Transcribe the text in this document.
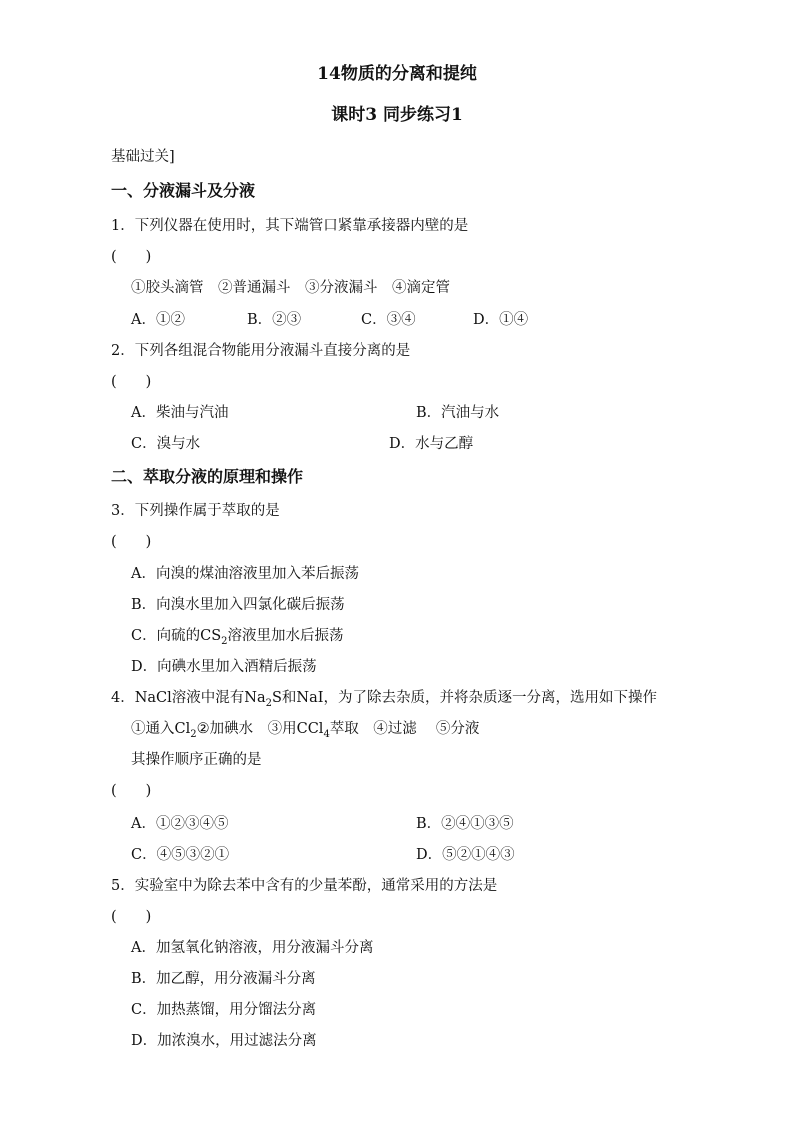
14物质的分离和提纯
课时3 同步练习1
基础过关]
一、分液漏斗及分液
1．下列仪器在使用时，其下端管口紧靠承接器内壁的是
(　　)
①胶头滴管　②普通漏斗　③分液漏斗　④滴定管
A．①②	B．②③	C．③④	D．①④
2．下列各组混合物能用分液漏斗直接分离的是
(　　)
A．柴油与汽油	B．汽油与水
C．溴与水	D．水与乙醇
二、萃取分液的原理和操作
3．下列操作属于萃取的是
(　　)
A．向溴的煤油溶液里加入苯后振荡
B．向溴水里加入四氯化碳后振荡
C．向硫的$CS_2$溶液里加水后振荡
D．向碘水里加入酒精后振荡
4．NaCl溶液中混有$Na_2S$和NaI，为了除去杂质，并将杂质逐一分离，选用如下操作
①通入$Cl_2②$加碘水　③用CCl$_4$萃取　④过滤　 ⑤分液
其操作顺序正确的是
(　　)
A．①②③④⑤	B．②④①③⑤
C．④⑤③②①	D．⑤②①④③
5．实验室中为除去苯中含有的少量苯酚，通常采用的方法是
(　　)
A．加氢氧化钠溶液，用分液漏斗分离
B．加乙醇，用分液漏斗分离
C．加热蒸馏，用分馏法分离
D．加浓溴水，用过滤法分离
